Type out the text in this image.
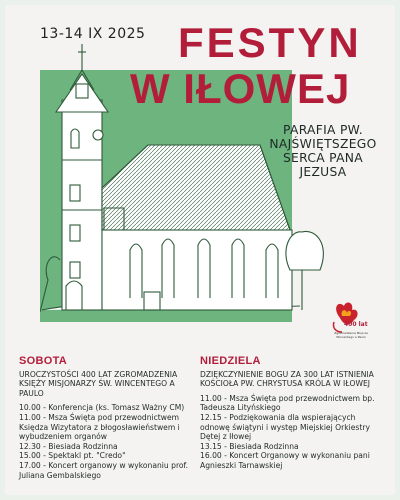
13-14 IX 2025 FESTYN
W IŁOWEJ
PARAFIA PW.
NAJŚWIĘTSZEGO
SERCA PANA
JEZUSA
400 lat
Zgromadzenia Misji ze Wincentego a Paulo
SOBOTA
UROCZYSTOŚCI 400 LAT ZGROMADZENIA KSIĘŻY MISJONARZY ŚW. WINCENTEGO A PAULO
10.00 - Konferencja (ks. Tomasz Ważny CM)
11.00 - Msza Święta pod przewodnictwem Księdza Wizytatora z błogosławieństwem i wybudzeniem organów
12.30 - Biesiada Rodzinna
15.00 - Spektakl pt. "Credo"
17.00 - Koncert organowy w wykonaniu prof. Juliana Gembalskiego
NIEDZIELA
DZIĘKCZYNIENIE BOGU ZA 300 LAT ISTNIENIA KOŚCIOŁA PW. CHRYSTUSA KRÓLA W IŁOWEJ
11.00 - Msza Święta pod przewodnictwem bp. Tadeusza Lityńskiego
12.15 - Podziękowania dla wspierających odnowę świątyni i występ Miejskiej Orkiestry Dętej z Iłowej
13.15 - Biesiada Rodzinna
16.00 - Koncert Organowy w wykonaniu pani Agnieszki Tarnawskiej
